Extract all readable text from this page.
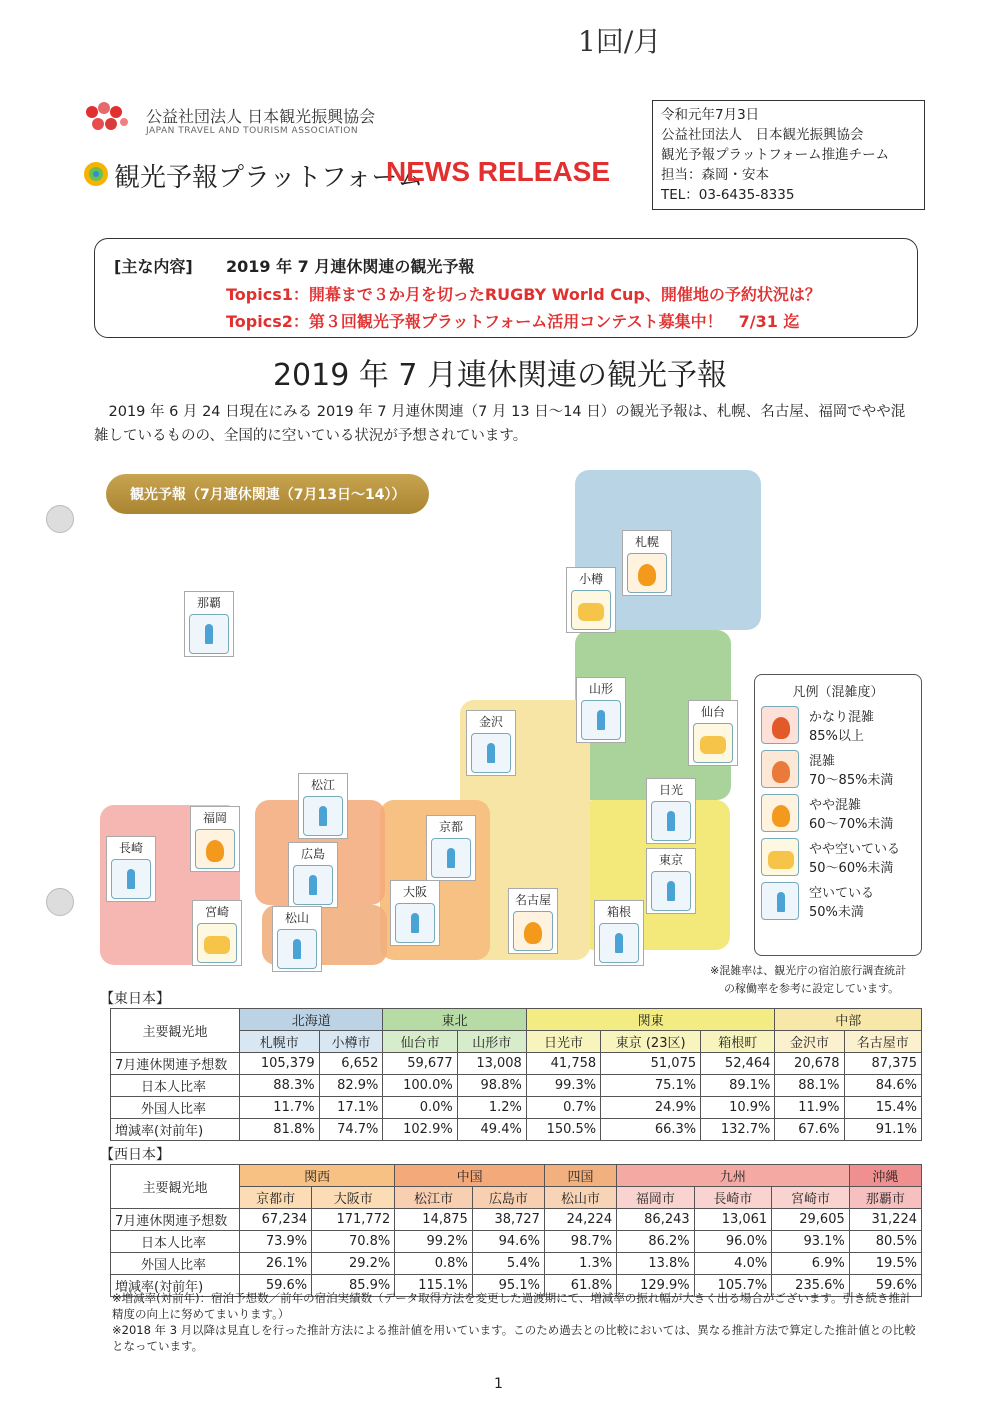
1回/月
公益社団法人 日本観光振興協会
JAPAN TRAVEL AND TOURISM ASSOCIATION
観光予報プラットフォーム
NEWS RELEASE
令和元年7月3日
公益社団法人　日本観光振興協会
観光予報プラットフォーム推進チーム
担当：森岡・安本
TEL：03-6435-8335
[主な内容] 2019 年 7 月連休関連の観光予報
Topics1：開幕まで３か月を切ったRUGBY World Cup、開催地の予約状況は？
Topics2：第３回観光予報プラットフォーム活用コンテスト募集中！　7/31 迄
2019 年 7 月連休関連の観光予報
　2019 年 6 月 24 日現在にみる 2019 年 7 月連休関連（7 月 13 日〜14 日）の観光予報は、札幌、名古屋、福岡でやや混雑しているものの、全国的に空いている状況が予想されています。
観光予報（7月連休関連（7月13日〜14））
那覇
札幌
小樽
山形
仙台
金沢
松江	日光
福岡
京都
長崎	広島	東京
大阪
名古屋
宮崎	箱根
松山
凡例（混雑度）
かなり混雑
85%以上
混雑
70〜85%未満
やや混雑
60〜70%未満
やや空いている
50〜60%未満
空いている
50%未満
※混雑率は、観光庁の宿泊旅行調査統計
の稼働率を参考に設定しています。
【東日本】
主要観光地	北海道		東北		関東			中部	
	札幌市	小樽市	仙台市	山形市	日光市	東京 (23区)	箱根町	金沢市	名古屋市
7月連休関連予想数	105,379	6,652	59,677	13,008	41,758	51,075	52,464	20,678	87,375
日本人比率	88.3%	82.9%	100.0%	98.8%	99.3%	75.1%	89.1%	88.1%	84.6%
外国人比率	11.7%	17.1%	0.0%	1.2%	0.7%	24.9%	10.9%	11.9%	15.4%
増減率(対前年)	81.8%	74.7%	102.9%	49.4%	150.5%	66.3%	132.7%	67.6%	91.1%
【西日本】
主要観光地	関西		中国		四国	九州			沖縄
	京都市	大阪市	松江市	広島市	松山市	福岡市	長崎市	宮崎市	那覇市
7月連休関連予想数	67,234	171,772	14,875	38,727	24,224	86,243	13,061	29,605	31,224
日本人比率	73.9%	70.8%	99.2%	94.6%	98.7%	86.2%	96.0%	93.1%	80.5%
外国人比率	26.1%	29.2%	0.8%	5.4%	1.3%	13.8%	4.0%	6.9%	19.5%
増減率(対前年)	59.6%	85.9%	115.1%	95.1%	61.8%	129.9%	105.7%	235.6%	59.6%
※増減率(対前年)：宿泊予想数／前年の宿泊実績数（データ取得方法を変更した過渡期にて、増減率の振れ幅が大きく出る場合がございます。引き続き推計精度の向上に努めてまいります。）
※2018 年 3 月以降は見直しを行った推計方法による推計値を用いています。このため過去との比較においては、異なる推計方法で算定した推計値との比較となっています。
1
